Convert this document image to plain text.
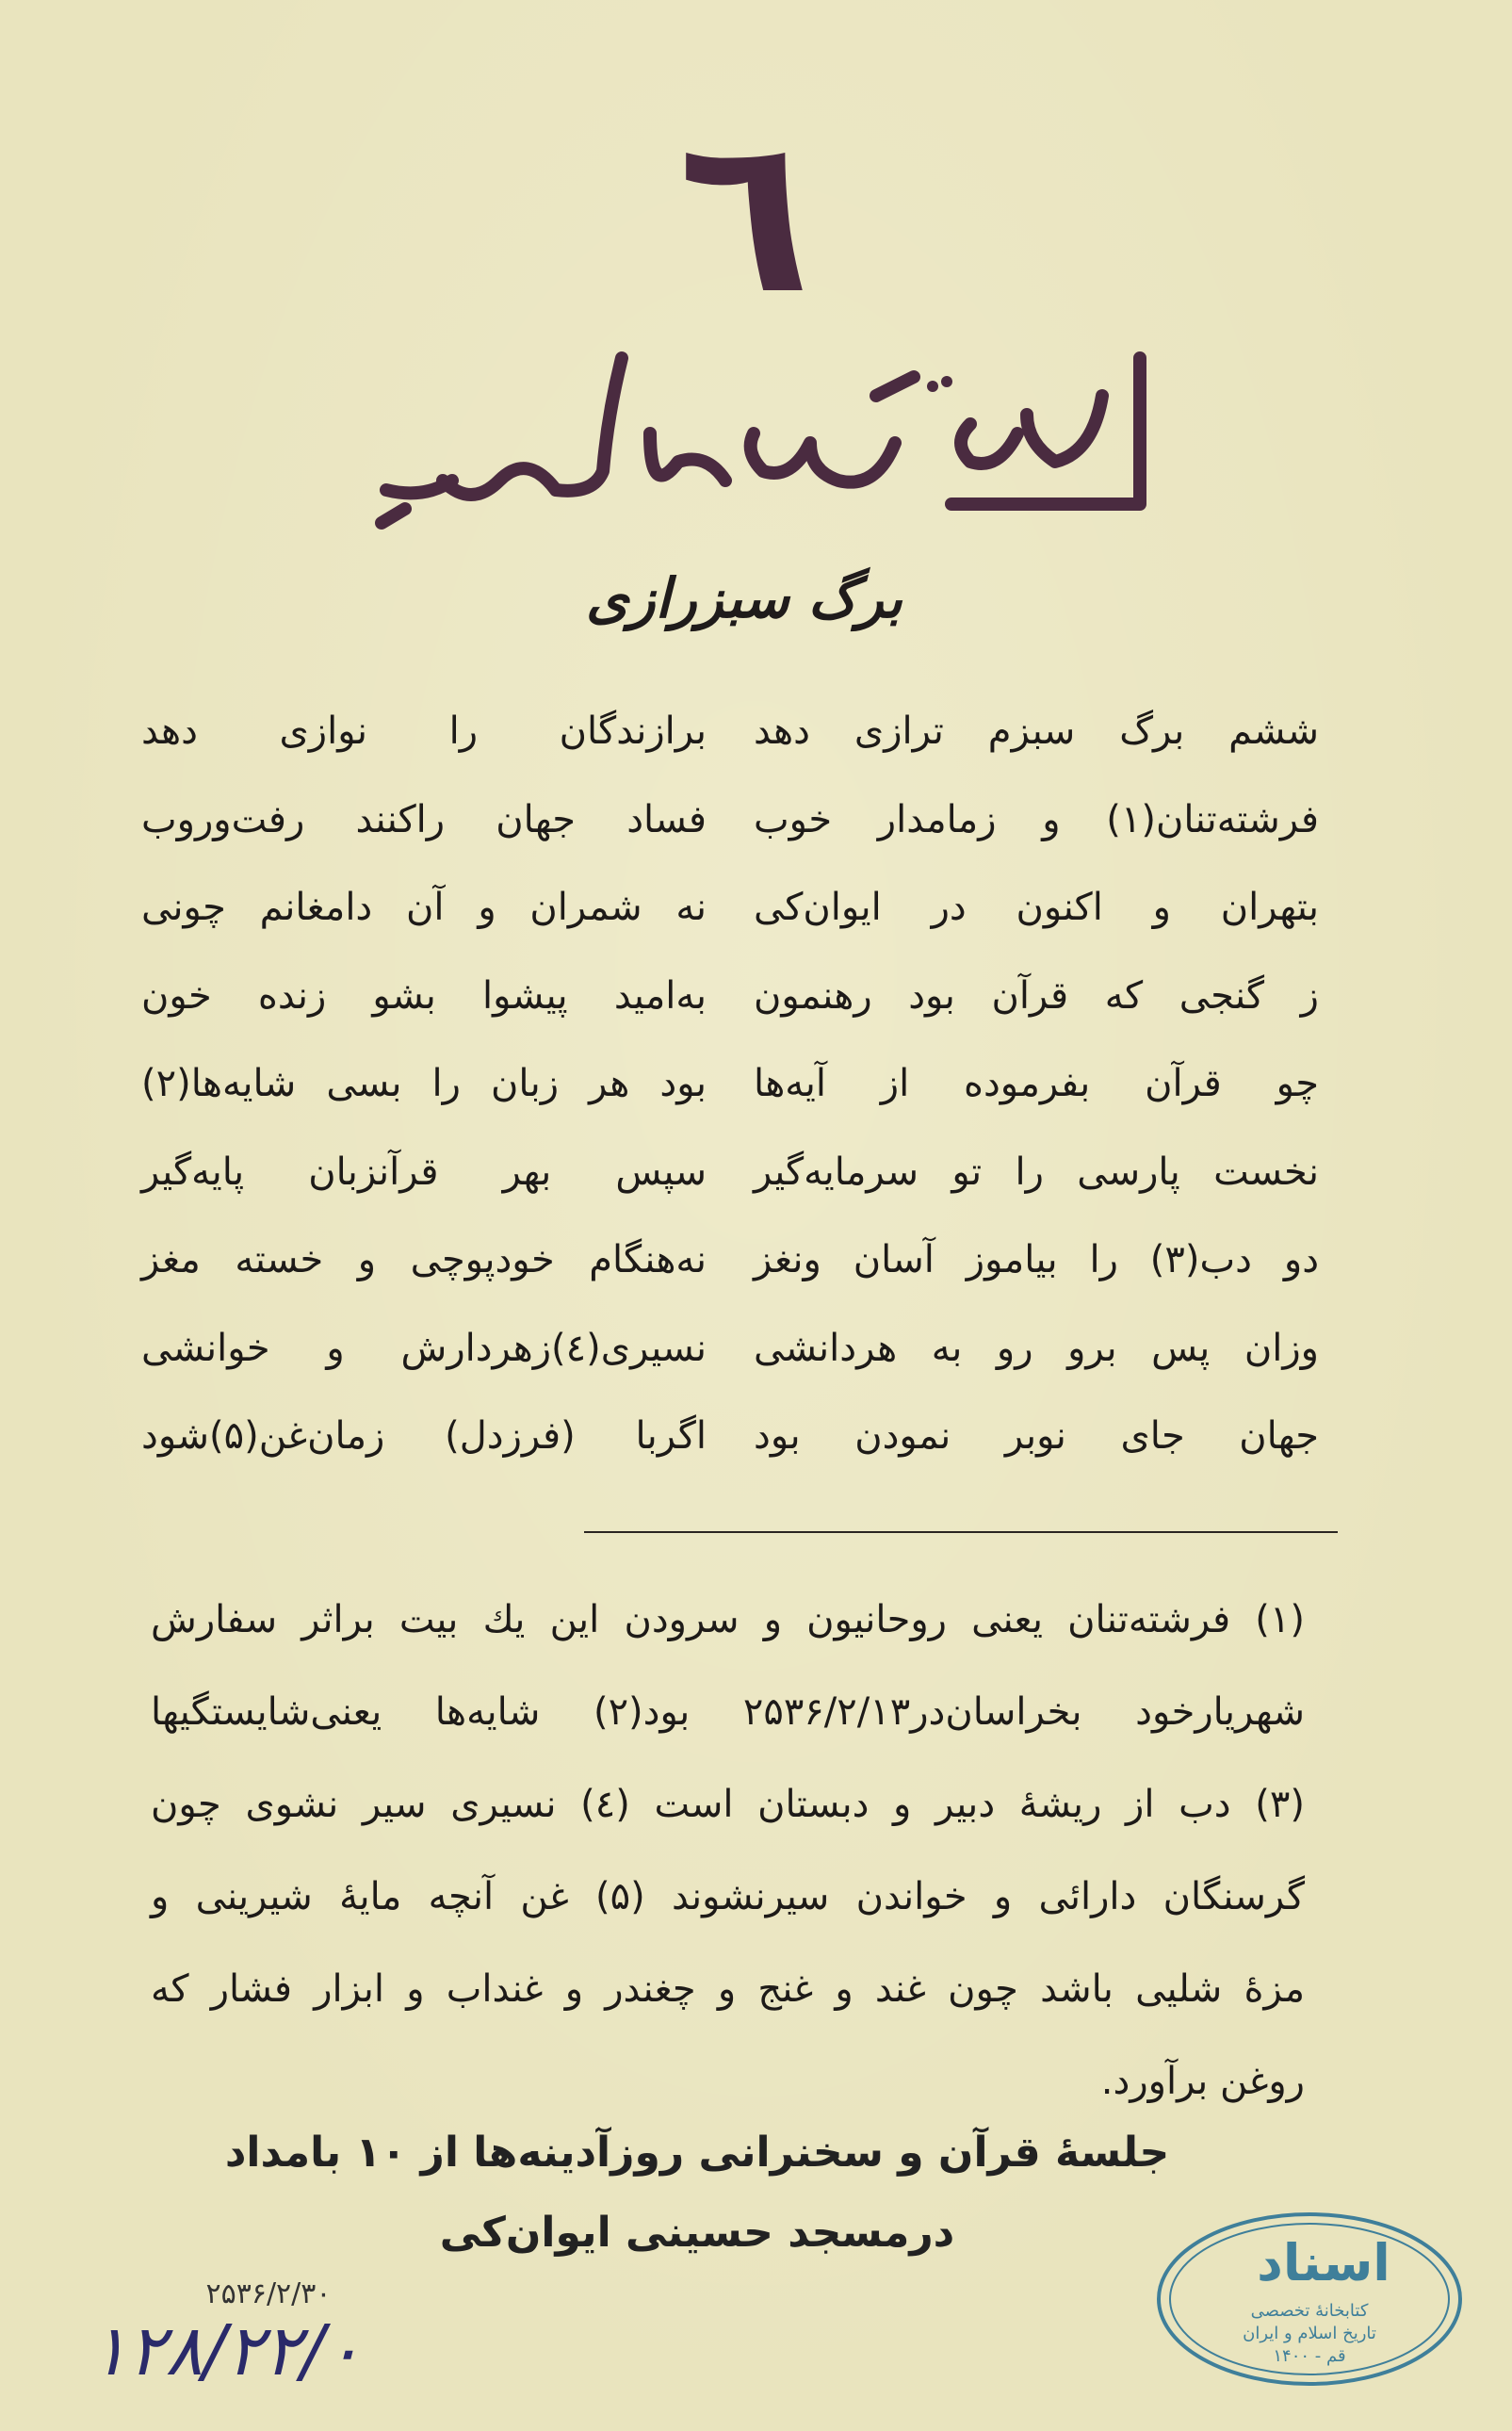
٦
برگ سبزرازی
ششم برگ سبزم ترازی دهد
فرشته‌تنان(۱) و زمامدار خوب
بتهران و اکنون در ایوان‌کی
ز گنجی که قرآن بود رهنمون
چو قرآن بفرموده از آیه‌ها
نخست پارسی را تو سرمایه‌گیر
دو دب(۳) را بیاموز آسان ونغز
وزان پس برو رو به هردانشی
جهان جای نوبر نمودن بود
برازندگان را نوازی دهد
فساد جهان راکنند رفت‌وروب
نه شمران و آن دامغانم چونی
به‌امید پیشوا بشو زنده خون
بود هر زبان را بسی شایه‌ها(۲)
سپس بهر قرآنزبان پایه‌گیر
نه‌هنگام خودپوچی و خسته مغز
نسیری(٤)زهردارش و خوانشی
اگربا (فرزدل) زمان‌غن(۵)شود
(۱) فرشته‌تنان یعنی روحانیون و سرودن این یك بیت براثر سفارش
شهریارخود بخراسان‌در۲۵۳۶/۲/۱۳ بود(۲) شایه‌ها یعنی‌شایستگیها
(۳) دب از ریشهٔ دبیر و دبستان است (٤) نسیری سیر نشوی چون
گرسنگان دارائی و خواندن سیرنشوند (۵) غن آنچه مایهٔ شیرینی و
مزهٔ شلیی باشد چون غند و غنج و چغندر و غنداب و ابزار فشار که
روغن برآورد.
جلسهٔ قرآن و سخنرانی روزآدینه‌ها از ۱۰ بامداد
درمسجد حسینی ایوان‌کی
۲۵۳۶/۲/۳۰
۱۲۸/۲۲/۰
اسناد
کتابخانهٔ تخصصی
تاریخ اسلام و ایران
قم - ۱۴۰۰
